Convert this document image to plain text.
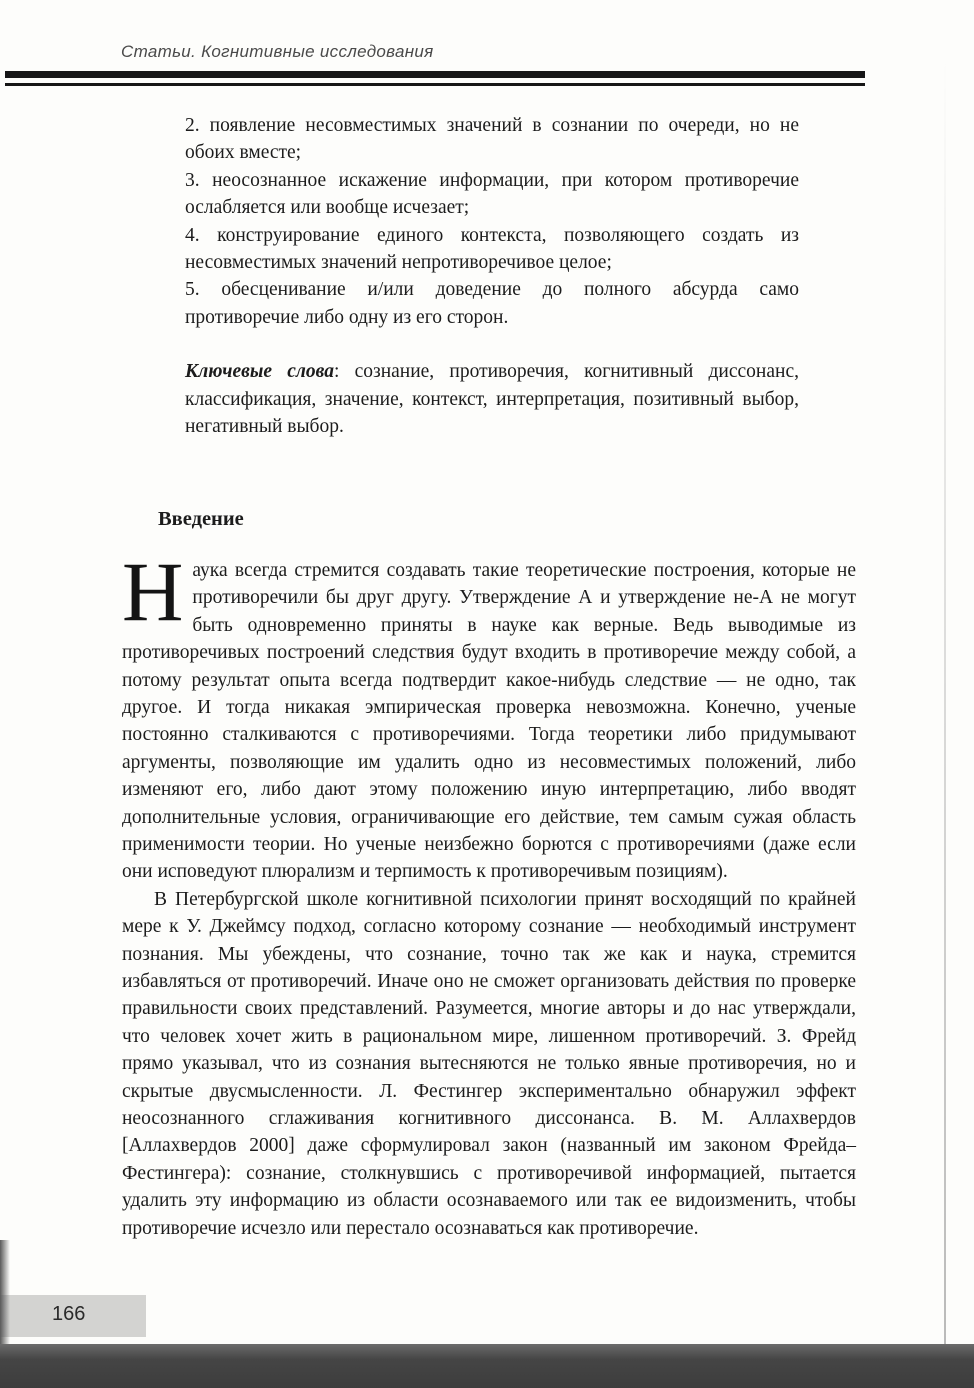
Статьи. Когнитивные исследования
2. появление несовместимых значений в сознании по очереди, но не обоих вместе;
3. неосознанное искажение информации, при котором противоречие ослабляется или вообще исчезает;
4. конструирование единого контекста, позволяющего создать из несовместимых значений непротиворечивое целое;
5. обесценивание и/или доведение до полного абсурда само противоречие либо одну из его сторон.
Ключевые слова: сознание, противоречия, когнитивный диссонанс, классификация, значение, контекст, интерпретация, позитивный выбор, негативный выбор.
Введение
Наука всегда стремится создавать такие теоретические построения, которые не противоречили бы друг другу. Утверждение А и утверждение не-А не могут быть одновременно приняты в науке как верные. Ведь выводимые из противоречивых построений следствия будут входить в противоречие между собой, а потому результат опыта всегда подтвердит какое-нибудь следствие — не одно, так другое. И тогда никакая эмпирическая проверка невозможна. Конечно, ученые постоянно сталкиваются с противоречиями. Тогда теоретики либо придумывают аргументы, позволяющие им удалить одно из несовместимых положений, либо изменяют его, либо дают этому положению иную интерпретацию, либо вводят дополнительные условия, ограничивающие его действие, тем самым сужая область применимости теории. Но ученые неизбежно борются с противоречиями (даже если они исповедуют плюрализм и терпимость к противоречивым позициям).
В Петербургской школе когнитивной психологии принят восходящий по крайней мере к У. Джеймсу подход, согласно которому сознание — необходимый инструмент познания. Мы убеждены, что сознание, точно так же как и наука, стремится избавляться от противоречий. Иначе оно не сможет организовать действия по проверке правильности своих представлений. Разумеется, многие авторы и до нас утверждали, что человек хочет жить в рациональном мире, лишенном противоречий. З. Фрейд прямо указывал, что из сознания вытесняются не только явные противоречия, но и скрытые двусмысленности. Л. Фестингер экспериментально обнаружил эффект неосознанного сглаживания когнитивного диссонанса. В. М. Аллахвердов [Аллахвердов 2000] даже сформулировал закон (названный им законом Фрейда–Фестингера): сознание, столкнувшись с противоречивой информацией, пытается удалить эту информацию из области осознаваемого или так ее видоизменить, чтобы противоречие исчезло или перестало осознаваться как противоречие.
166
